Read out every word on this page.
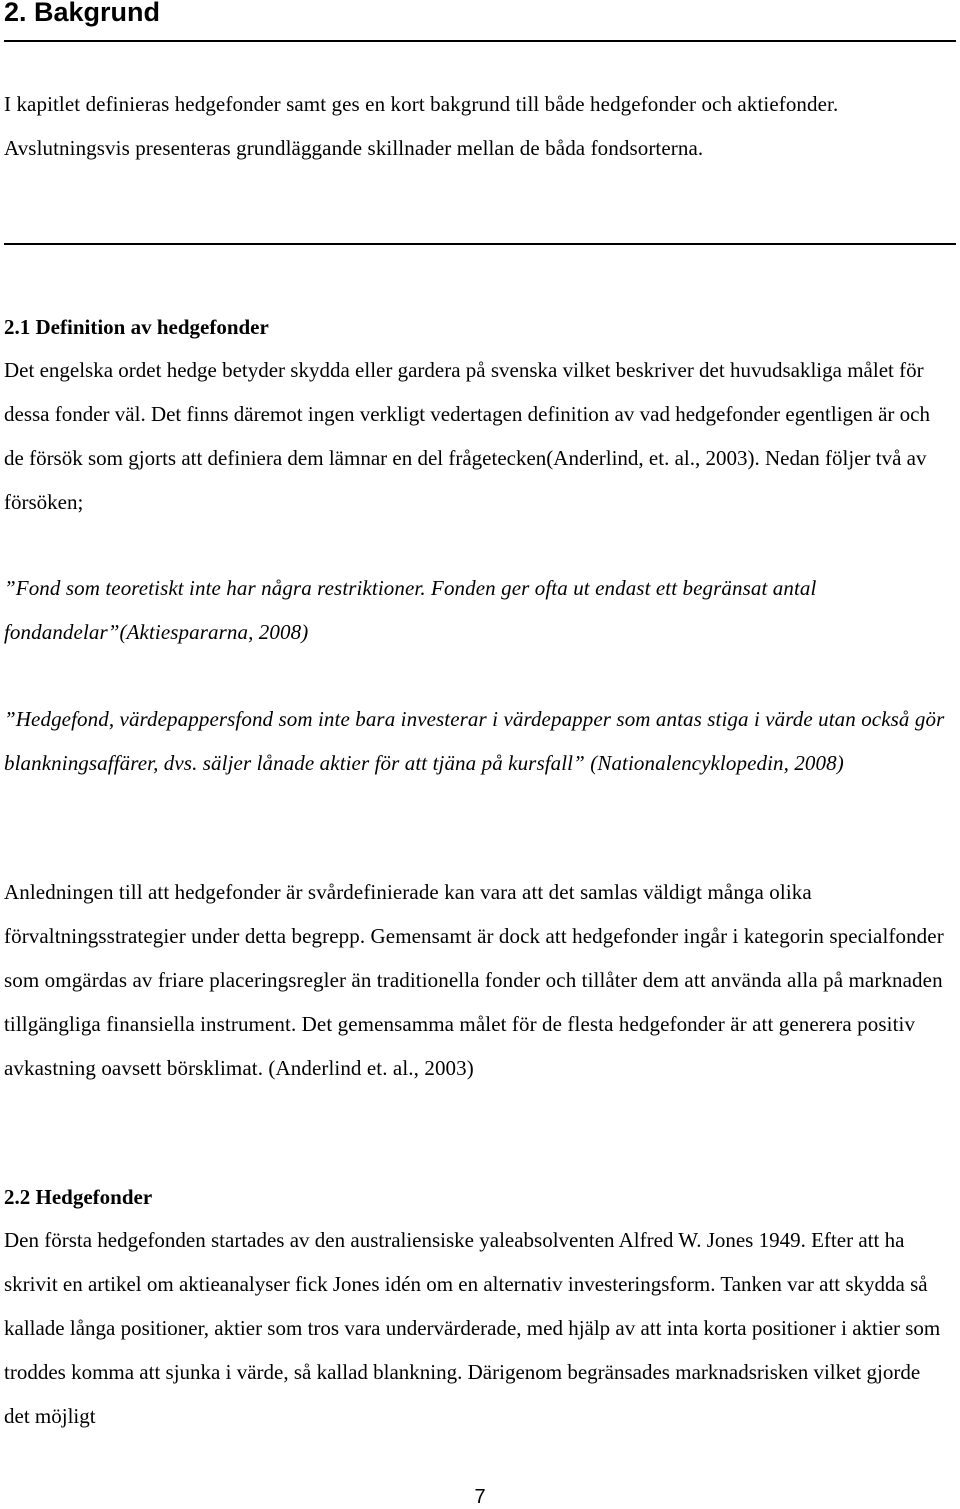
2. Bakgrund

I kapitlet definieras hedgefonder samt ges en kort bakgrund till både hedgefonder och aktiefonder. Avslutningsvis presenteras grundläggande skillnader mellan de båda fondsorterna.

2.1 Definition av hedgefonder

Det engelska ordet hedge betyder skydda eller gardera på svenska vilket beskriver det huvudsakliga målet för dessa fonder väl. Det finns däremot ingen verkligt vedertagen definition av vad hedgefonder egentligen är och de försök som gjorts att definiera dem lämnar en del frågetecken(Anderlind, et. al., 2003). Nedan följer två av försöken;

”Fond som teoretiskt inte har några restriktioner. Fonden ger ofta ut endast ett begränsat antal fondandelar”(Aktiespararna, 2008)

”Hedgefond, värdepappersfond som inte bara investerar i värdepapper som antas stiga i värde utan också gör blankningsaffärer, dvs. säljer lånade aktier för att tjäna på kursfall” (Nationalencyklopedin, 2008)

Anledningen till att hedgefonder är svårdefinierade kan vara att det samlas väldigt många olika förvaltningsstrategier under detta begrepp. Gemensamt är dock att hedgefonder ingår i kategorin specialfonder som omgärdas av friare placeringsregler än traditionella fonder och tillåter dem att använda alla på marknaden tillgängliga finansiella instrument. Det gemensamma målet för de flesta hedgefonder är att generera positiv avkastning oavsett börsklimat. (Anderlind et. al., 2003)

2.2 Hedgefonder

Den första hedgefonden startades av den australiensiske yaleabsolventen Alfred W. Jones 1949. Efter att ha skrivit en artikel om aktieanalyser fick Jones idén om en alternativ investeringsform. Tanken var att skydda så kallade långa positioner, aktier som tros vara undervärderade, med hjälp av att inta korta positioner i aktier som troddes komma att sjunka i värde, så kallad blankning. Därigenom begränsades marknadsrisken vilket gjorde det möjligt

7
